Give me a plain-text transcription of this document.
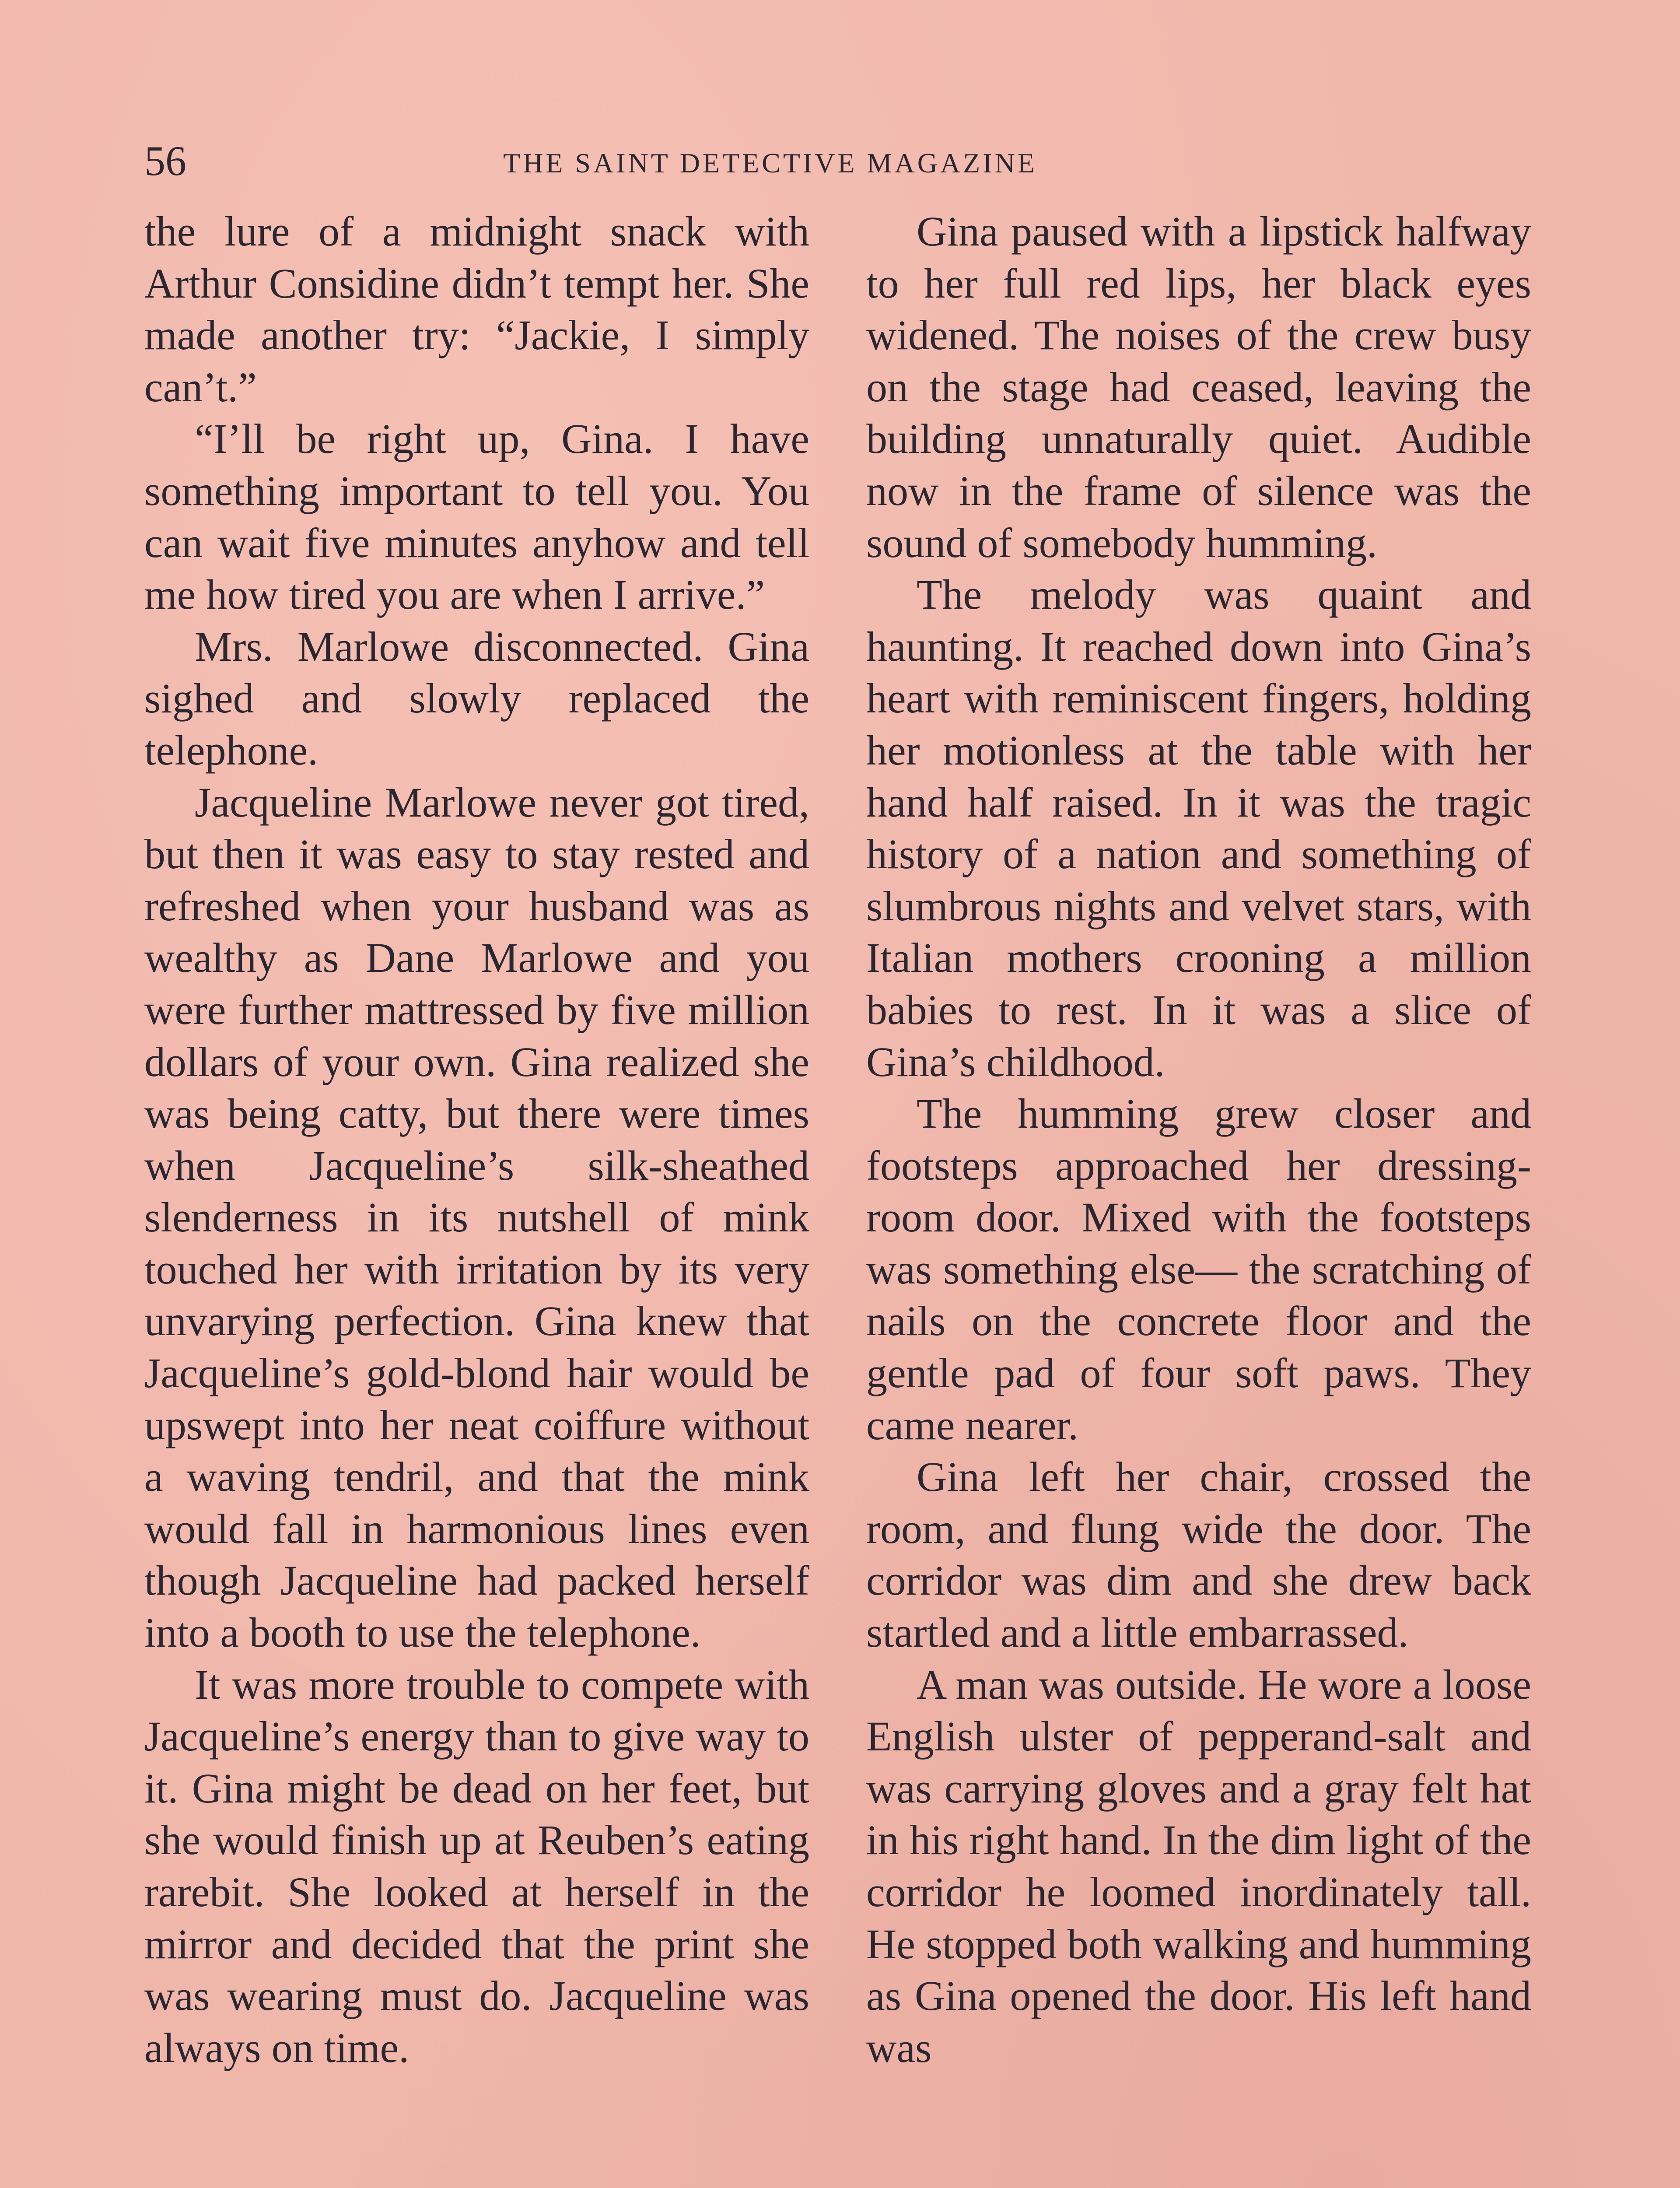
56	THE SAINT DETECTIVE MAGAZINE

the lure of a midnight snack with Arthur Considine didn’t tempt her. She made another try: “Jackie, I simply can’t.”

“I’ll be right up, Gina. I have something important to tell you. You can wait five minutes anyhow and tell me how tired you are when I arrive.”

Mrs. Marlowe disconnected. Gina sighed and slowly replaced the telephone.

Jacqueline Marlowe never got tired, but then it was easy to stay rested and refreshed when your husband was as wealthy as Dane Marlowe and you were further mattressed by five million dollars of your own. Gina realized she was being catty, but there were times when Jacqueline’s silk-sheathed slenderness in its nutshell of mink touched her with irritation by its very unvarying perfection. Gina knew that Jacqueline’s gold-blond hair would be upswept into her neat coiffure without a waving tendril, and that the mink would fall in harmonious lines even though Jacqueline had packed herself into a booth to use the telephone.

It was more trouble to compete with Jacqueline’s energy than to give way to it. Gina might be dead on her feet, but she would finish up at Reuben’s eating rarebit. She looked at herself in the mirror and decided that the print she was wearing must do. Jacqueline was always on time.

Gina paused with a lipstick halfway to her full red lips, her black eyes widened. The noises of the crew busy on the stage had ceased, leaving the building unnaturally quiet. Audible now in the frame of silence was the sound of somebody humming.

The melody was quaint and haunting. It reached down into Gina’s heart with reminiscent fingers, holding her motionless at the table with her hand half raised. In it was the tragic history of a nation and something of slumbrous nights and velvet stars, with Italian mothers crooning a million babies to rest. In it was a slice of Gina’s childhood.

The humming grew closer and footsteps approached her dressing-room door. Mixed with the footsteps was something else— the scratching of nails on the concrete floor and the gentle pad of four soft paws. They came nearer.

Gina left her chair, crossed the room, and flung wide the door. The corridor was dim and she drew back startled and a little embarrassed.

A man was outside. He wore a loose English ulster of pepperand-salt and was carrying gloves and a gray felt hat in his right hand. In the dim light of the corridor he loomed inordinately tall. He stopped both walking and humming as Gina opened the door. His left hand was
